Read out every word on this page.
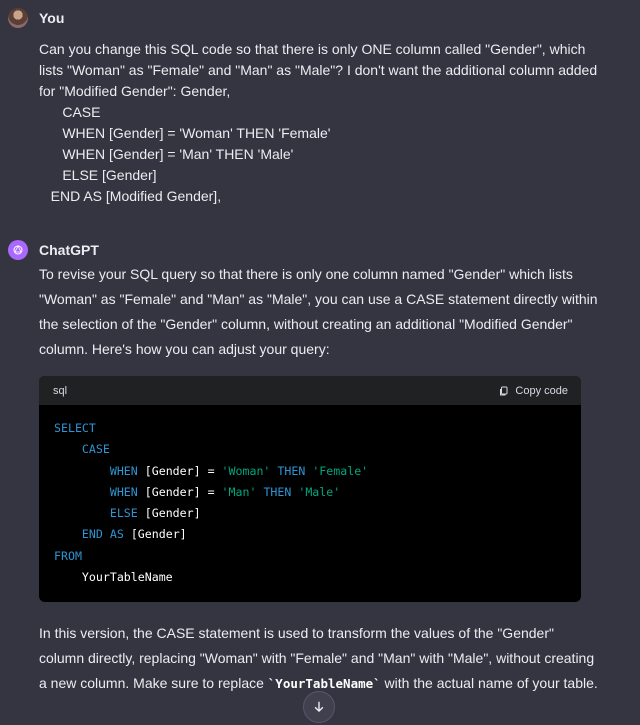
You
Can you change this SQL code so that there is only ONE column called "Gender", which lists "Woman" as "Female" and "Man" as "Male"? I don't want the additional column added for "Modified Gender": Gender,
CASE
WHEN [Gender] = 'Woman' THEN 'Female'
WHEN [Gender] = 'Man' THEN 'Male'
ELSE [Gender]
END AS [Modified Gender],
ChatGPT
To revise your SQL query so that there is only one column named "Gender" which lists "Woman" as "Female" and "Man" as "Male", you can use a CASE statement directly within the selection of the "Gender" column, without creating an additional "Modified Gender" column. Here's how you can adjust your query:
sql	Copy code
SELECT
CASE
WHEN [Gender] = 'Woman' THEN 'Female'
WHEN [Gender] = 'Man' THEN 'Male'
ELSE [Gender]
END AS [Gender]
FROM
YourTableName
In this version, the CASE statement is used to transform the values of the "Gender" column directly, replacing "Woman" with "Female" and "Man" with "Male", without creating a new column. Make sure to replace `YourTableName` with the actual name of your table.
